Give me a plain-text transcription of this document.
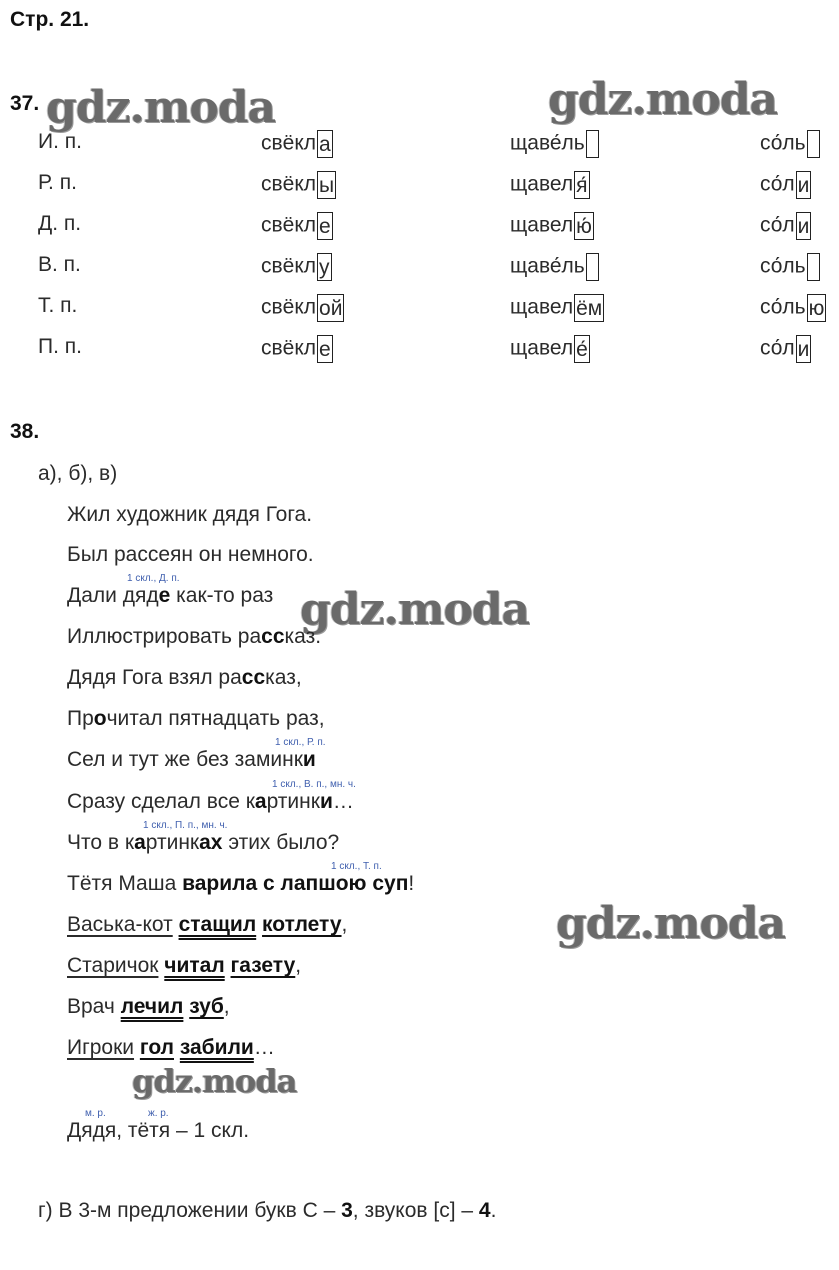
Стр. 21.
gdz.moda	gdz.moda
gdz.moda
gdz.moda
gdz.moda
37.
И. п.	свёкл а	щаве́ль	со́ль
Р. п.	свёкл ы	щавел я́	со́л и
Д. п.	свёкл е	щавел ю́	со́л и
В. п.	свёкл у	щаве́ль	со́ль
Т. п.	свёкл ой	щавел ём	со́ль ю
П. п.	свёкл е	щавел е́	со́л и
38.
а), б), в)
Жил художник дядя Гога.
Был рассеян он немного.
1 скл., Д. п.
Дали дяде как-то раз
Иллюстрировать рассказ.
Дядя Гога взял рассказ,
Прочитал пятнадцать раз,
1 скл., Р. п.
Сел и тут же без заминки
1 скл., В. п., мн. ч.
Сразу сделал все картинки…
1 скл., П. п., мн. ч.
Что в картинках этих было?
1 скл., Т. п.
Тётя Маша варила с лапшою суп!
Васька-кот стащил котлету,
Старичок читал газету,
Врач лечил зуб,
Игроки гол забили…
м. р.	ж. р.
Дядя, тётя – 1 скл.
г) В 3-м предложении букв С – 3, звуков [с] – 4.
